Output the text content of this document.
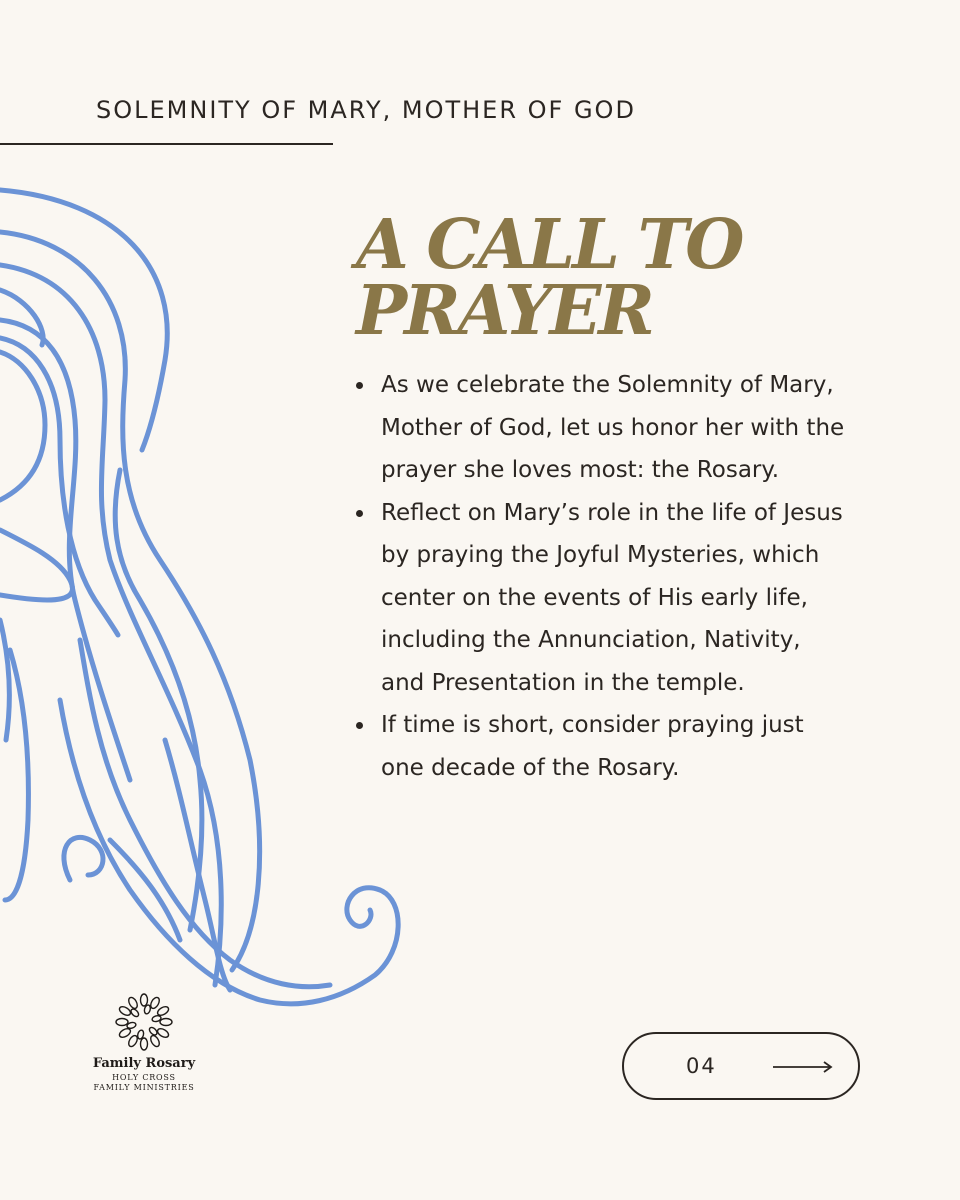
SOLEMNITY OF MARY, MOTHER OF GOD
A CALL TO
PRAYER
As we celebrate the Solemnity of Mary, Mother of God, let us honor her with the prayer she loves most: the Rosary.
Reflect on Mary’s role in the life of Jesus by praying the Joyful Mysteries, which center on the events of His early life, including the Annunciation, Nativity, and Presentation in the temple.
If time is short, consider praying just one decade of the Rosary.
Family Rosary
HOLY CROSS
FAMILY MINISTRIES
04
